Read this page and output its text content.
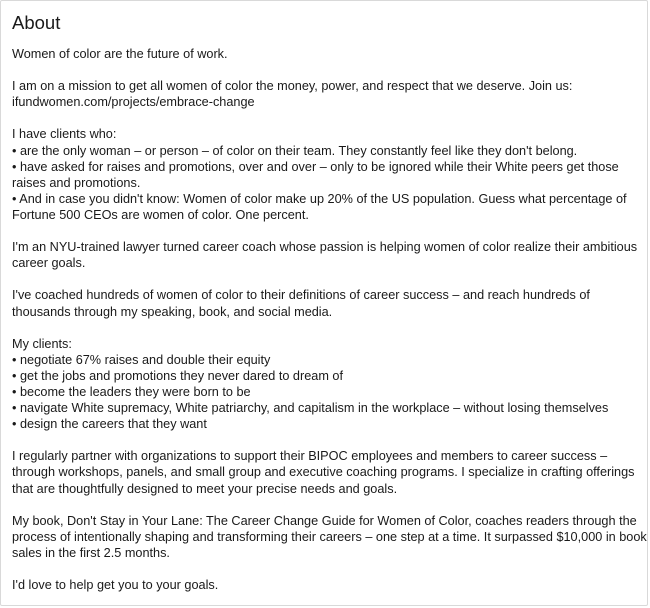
About
Women of color are the future of work.
I am on a mission to get all women of color the money, power, and respect that we deserve. Join us:
ifundwomen.com/projects/embrace-change
I have clients who:
• are the only woman – or person – of color on their team. They constantly feel like they don't belong.
• have asked for raises and promotions, over and over – only to be ignored while their White peers get those
raises and promotions.
• And in case you didn't know: Women of color make up 20% of the US population. Guess what percentage of
Fortune 500 CEOs are women of color. One percent.
I'm an NYU-trained lawyer turned career coach whose passion is helping women of color realize their ambitious
career goals.
I've coached hundreds of women of color to their definitions of career success – and reach hundreds of
thousands through my speaking, book, and social media.
My clients:
• negotiate 67% raises and double their equity
• get the jobs and promotions they never dared to dream of
• become the leaders they were born to be
• navigate White supremacy, White patriarchy, and capitalism in the workplace – without losing themselves
• design the careers that they want
I regularly partner with organizations to support their BIPOC employees and members to career success –
through workshops, panels, and small group and executive coaching programs. I specialize in crafting offerings
that are thoughtfully designed to meet your precise needs and goals.
My book, Don't Stay in Your Lane: The Career Change Guide for Women of Color, coaches readers through the
process of intentionally shaping and transforming their careers – one step at a time. It surpassed $10,000 in book
sales in the first 2.5 months.
I'd love to help get you to your goals.
